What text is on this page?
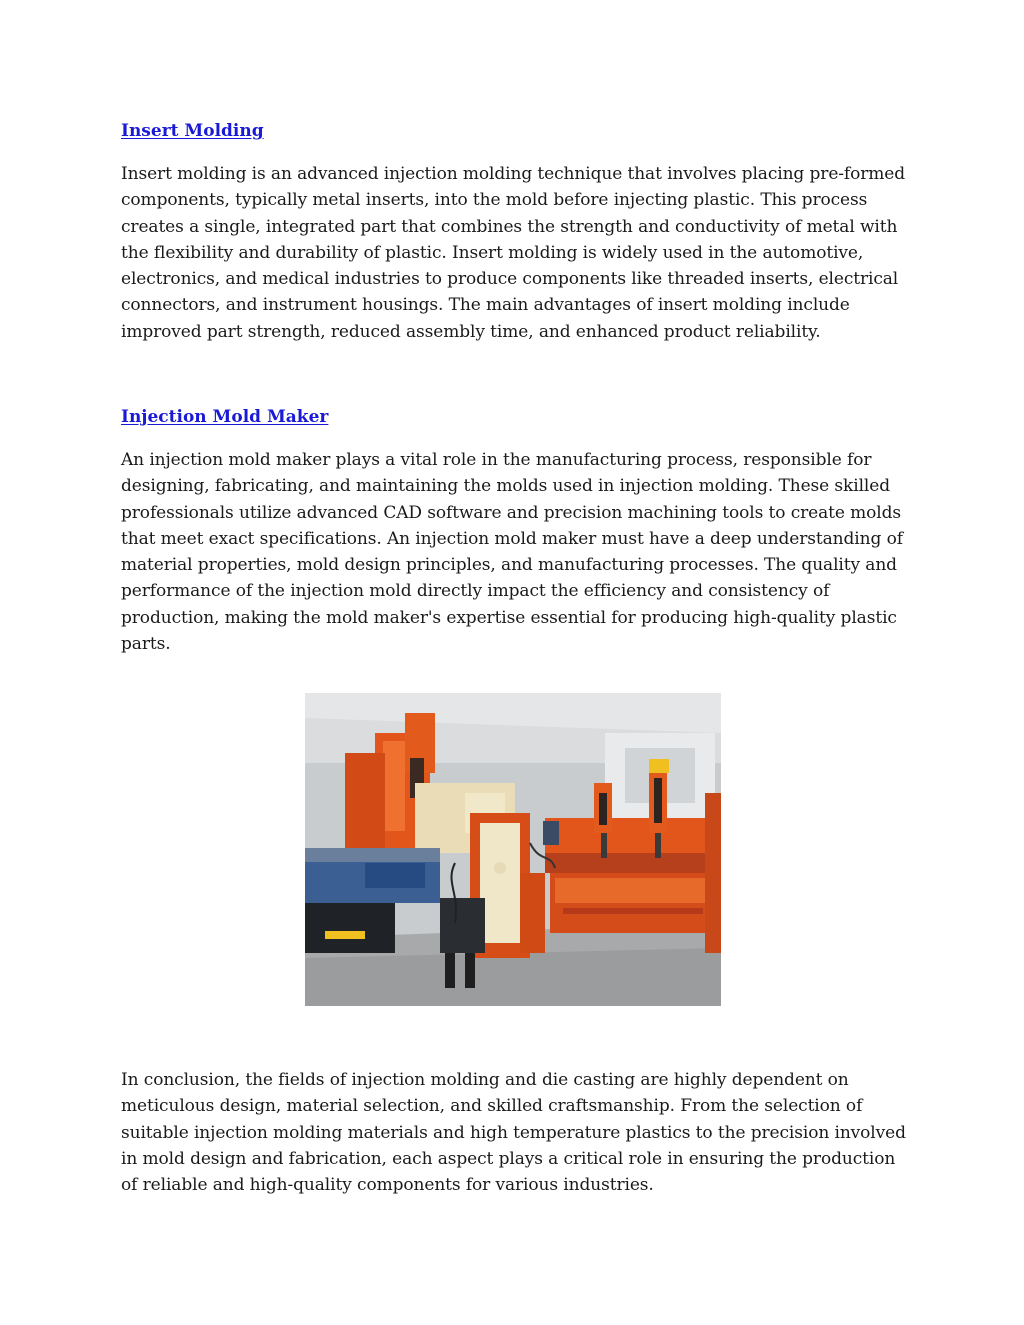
Insert Molding

Insert molding is an advanced injection molding technique that involves placing pre-formed components, typically metal inserts, into the mold before injecting plastic. This process creates a single, integrated part that combines the strength and conductivity of metal with the flexibility and durability of plastic. Insert molding is widely used in the automotive, electronics, and medical industries to produce components like threaded inserts, electrical connectors, and instrument housings. The main advantages of insert molding include improved part strength, reduced assembly time, and enhanced product reliability.

Injection Mold Maker

An injection mold maker plays a vital role in the manufacturing process, responsible for designing, fabricating, and maintaining the molds used in injection molding. These skilled professionals utilize advanced CAD software and precision machining tools to create molds that meet exact specifications. An injection mold maker must have a deep understanding of material properties, mold design principles, and manufacturing processes. The quality and performance of the injection mold directly impact the efficiency and consistency of production, making the mold maker's expertise essential for producing high-quality plastic parts.

In conclusion, the fields of injection molding and die casting are highly dependent on meticulous design, material selection, and skilled craftsmanship. From the selection of suitable injection molding materials and high temperature plastics to the precision involved in mold design and fabrication, each aspect plays a critical role in ensuring the production of reliable and high-quality components for various industries.
